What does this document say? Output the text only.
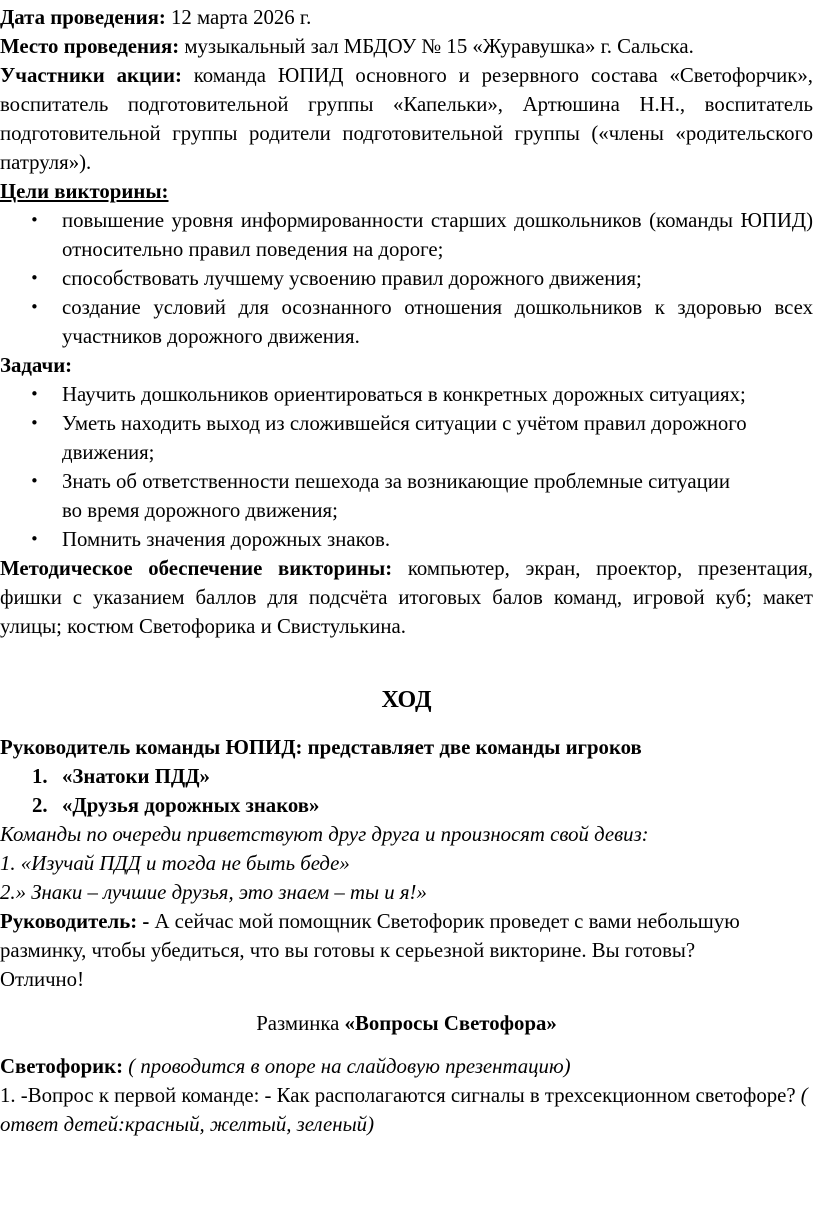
Дата проведения: 12 марта 2026 г.

Место проведения: музыкальный зал МБДОУ № 15 «Журавушка» г. Сальска.

Участники акции: команда ЮПИД основного и резервного состава «Светофорчик», воспитатель подготовительной группы «Капельки», Артюшина Н.Н., воспитатель подготовительной группы родители подготовительной группы («члены «родительского патруля»).

Цели викторины:

• повышение уровня информированности старших дошкольников (команды ЮПИД) относительно правил поведения на дороге;
• способствовать лучшему усвоению правил дорожного движения;
• создание условий для осознанного отношения дошкольников к здоровью всех участников дорожного движения.

Задачи:

• Научить дошкольников ориентироваться в конкретных дорожных ситуациях;
• Уметь находить выход из сложившейся ситуации с учётом правил дорожного движения;
• Знать об ответственности пешехода за возникающие проблемные ситуации во время дорожного движения;
• Помнить значения дорожных знаков.

Методическое обеспечение викторины: компьютер, экран, проектор, презентация, фишки с указанием баллов для подсчёта итоговых балов команд, игровой куб; макет улицы; костюм Светофорика и Свистулькина.

ХОД

Руководитель команды ЮПИД: представляет две команды игроков

1. «Знатоки ПДД»
2. «Друзья дорожных знаков»

Команды по очереди приветствуют друг друга и произносят свой девиз:

1. «Изучай ПДД и тогда не быть беде»

2.» Знаки – лучшие друзья, это знаем – ты и я!»

Руководитель: - А сейчас мой помощник Светофорик проведет с вами небольшую разминку, чтобы убедиться, что вы готовы к серьезной викторине. Вы готовы? Отлично!

Разминка «Вопросы Светофора»

Светофорик: ( проводится в опоре на слайдовую презентацию)

1. -Вопрос к первой команде: - Как располагаются сигналы в трехсекционном светофоре? ( ответ детей:красный, желтый, зеленый)
